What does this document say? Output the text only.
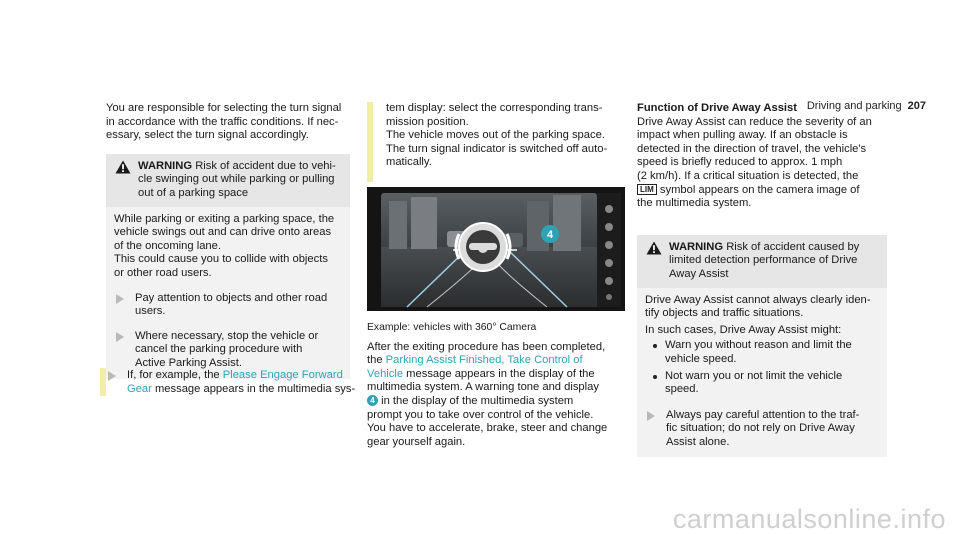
Driving and parking 207

You are responsible for selecting the turn signal
in accordance with the traffic conditions. If nec-
essary, select the turn signal accordingly.

WARNING Risk of accident due to vehi-
cle swinging out while parking or pulling
out of a parking space

While parking or exiting a parking space, the
vehicle swings out and can drive onto areas
of the oncoming lane.

This could cause you to collide with objects
or other road users.

Pay attention to objects and other road
users.
Where necessary, stop the vehicle or
cancel the parking procedure with
Active Parking Assist.
If, for example, the Please Engage Forward
Gear message appears in the multimedia sys-

tem display: select the corresponding trans-
mission position.
The vehicle moves out of the parking space.
The turn signal indicator is switched off auto-
matically.

4

Example: vehicles with 360° Camera

After the exiting procedure has been completed,
the Parking Assist Finished, Take Control of
Vehicle message appears in the display of the
multimedia system. A warning tone and display
4 in the display of the multimedia system
prompt you to take over control of the vehicle.
You have to accelerate, brake, steer and change
gear yourself again.

Function of Drive Away Assist

Drive Away Assist can reduce the severity of an
impact when pulling away. If an obstacle is
detected in the direction of travel, the vehicle's
speed is briefly reduced to approx. 1 mph
(2 km/h). If a critical situation is detected, the
LIM symbol appears on the camera image of
the multimedia system.

WARNING Risk of accident caused by
limited detection performance of Drive
Away Assist

Drive Away Assist cannot always clearly iden-
tify objects and traffic situations.

In such cases, Drive Away Assist might:

Warn you without reason and limit the
vehicle speed.
Not warn you or not limit the vehicle
speed.
Always pay careful attention to the traf-
fic situation; do not rely on Drive Away
Assist alone.
carmanualsonline.info
